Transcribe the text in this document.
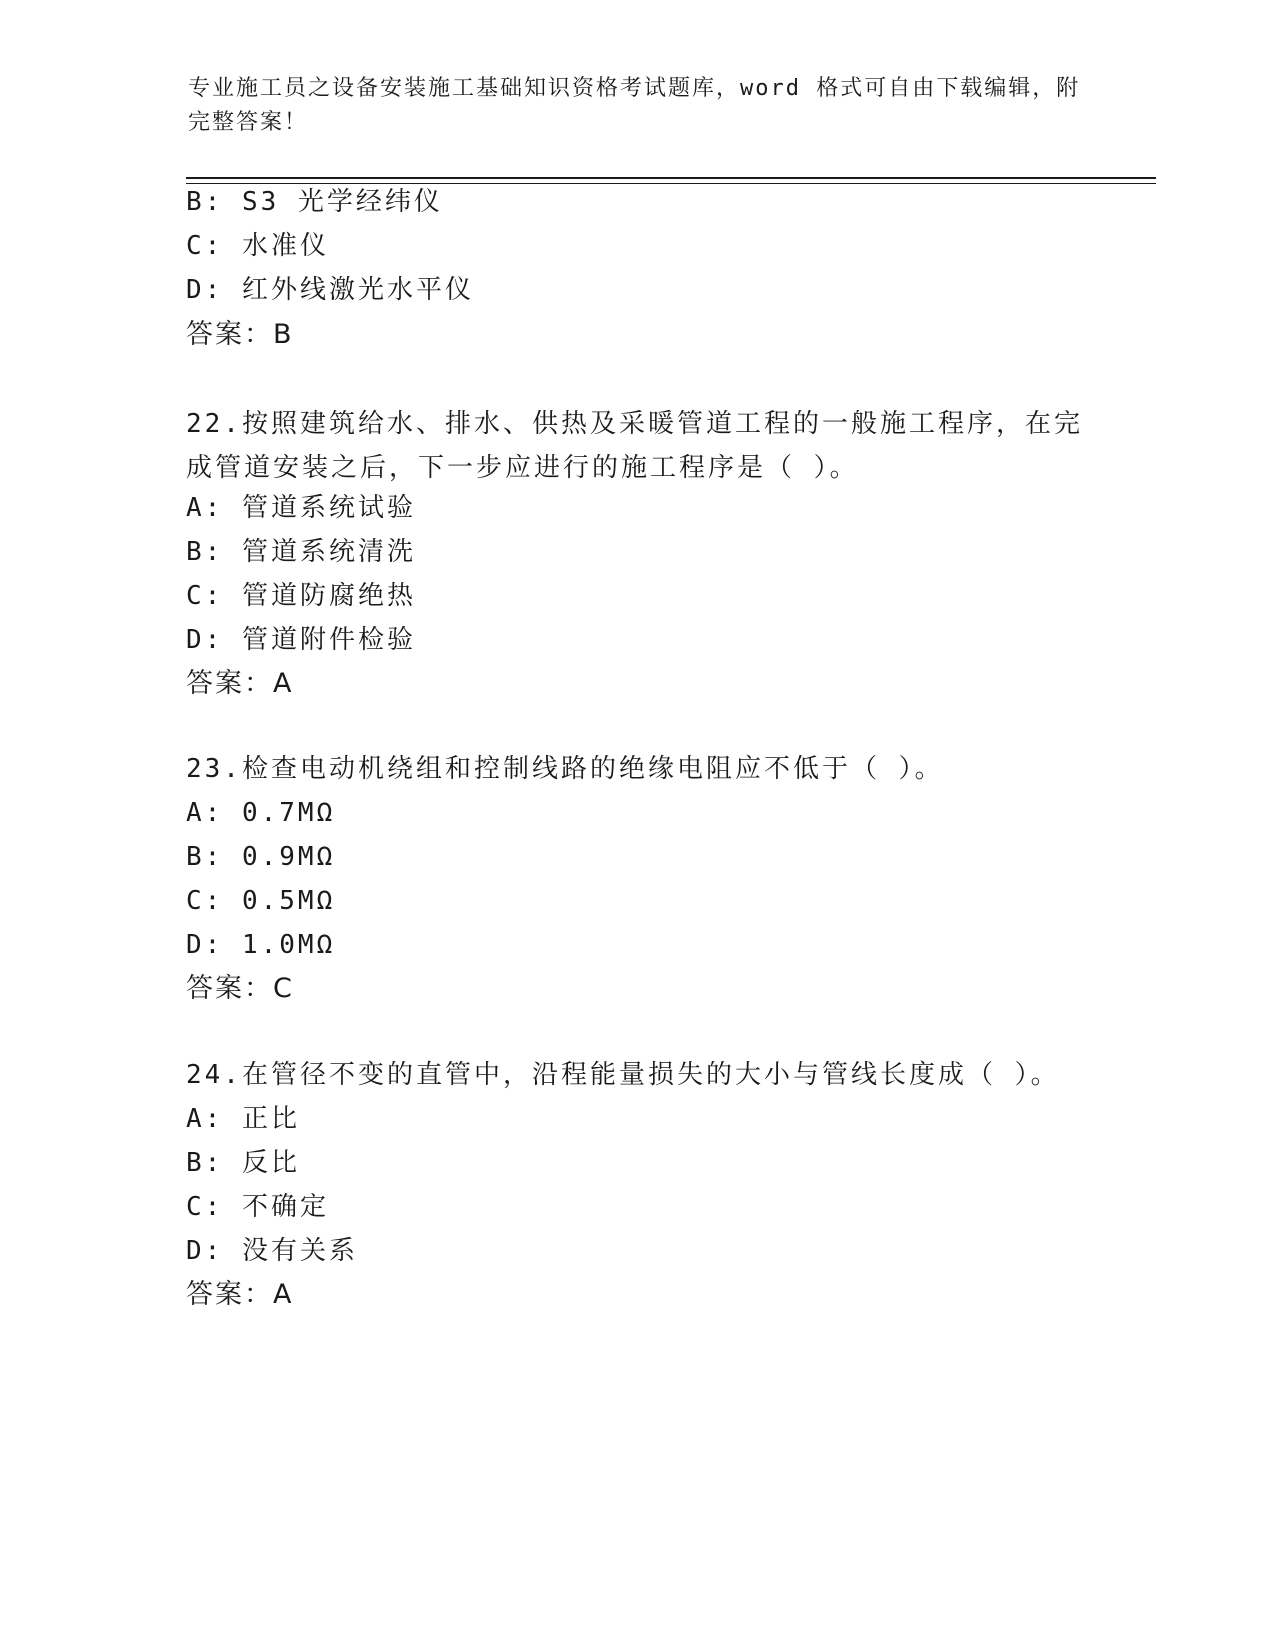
专业施工员之设备安装施工基础知识资格考试题库，word 格式可自由下载编辑，附完整答案！
B: S3 光学经纬仪
C: 水准仪
D: 红外线激光水平仪
答案：B
22.按照建筑给水、排水、供热及采暖管道工程的一般施工程序，在完成管道安装之后，下一步应进行的施工程序是（ ）。
A: 管道系统试验
B: 管道系统清洗
C: 管道防腐绝热
D: 管道附件检验
答案：A
23.检查电动机绕组和控制线路的绝缘电阻应不低于（ ）。
A: 0.7MΩ
B: 0.9MΩ
C: 0.5MΩ
D: 1.0MΩ
答案：C
24.在管径不变的直管中，沿程能量损失的大小与管线长度成（ ）。
A: 正比
B: 反比
C: 不确定
D: 没有关系
答案：A
